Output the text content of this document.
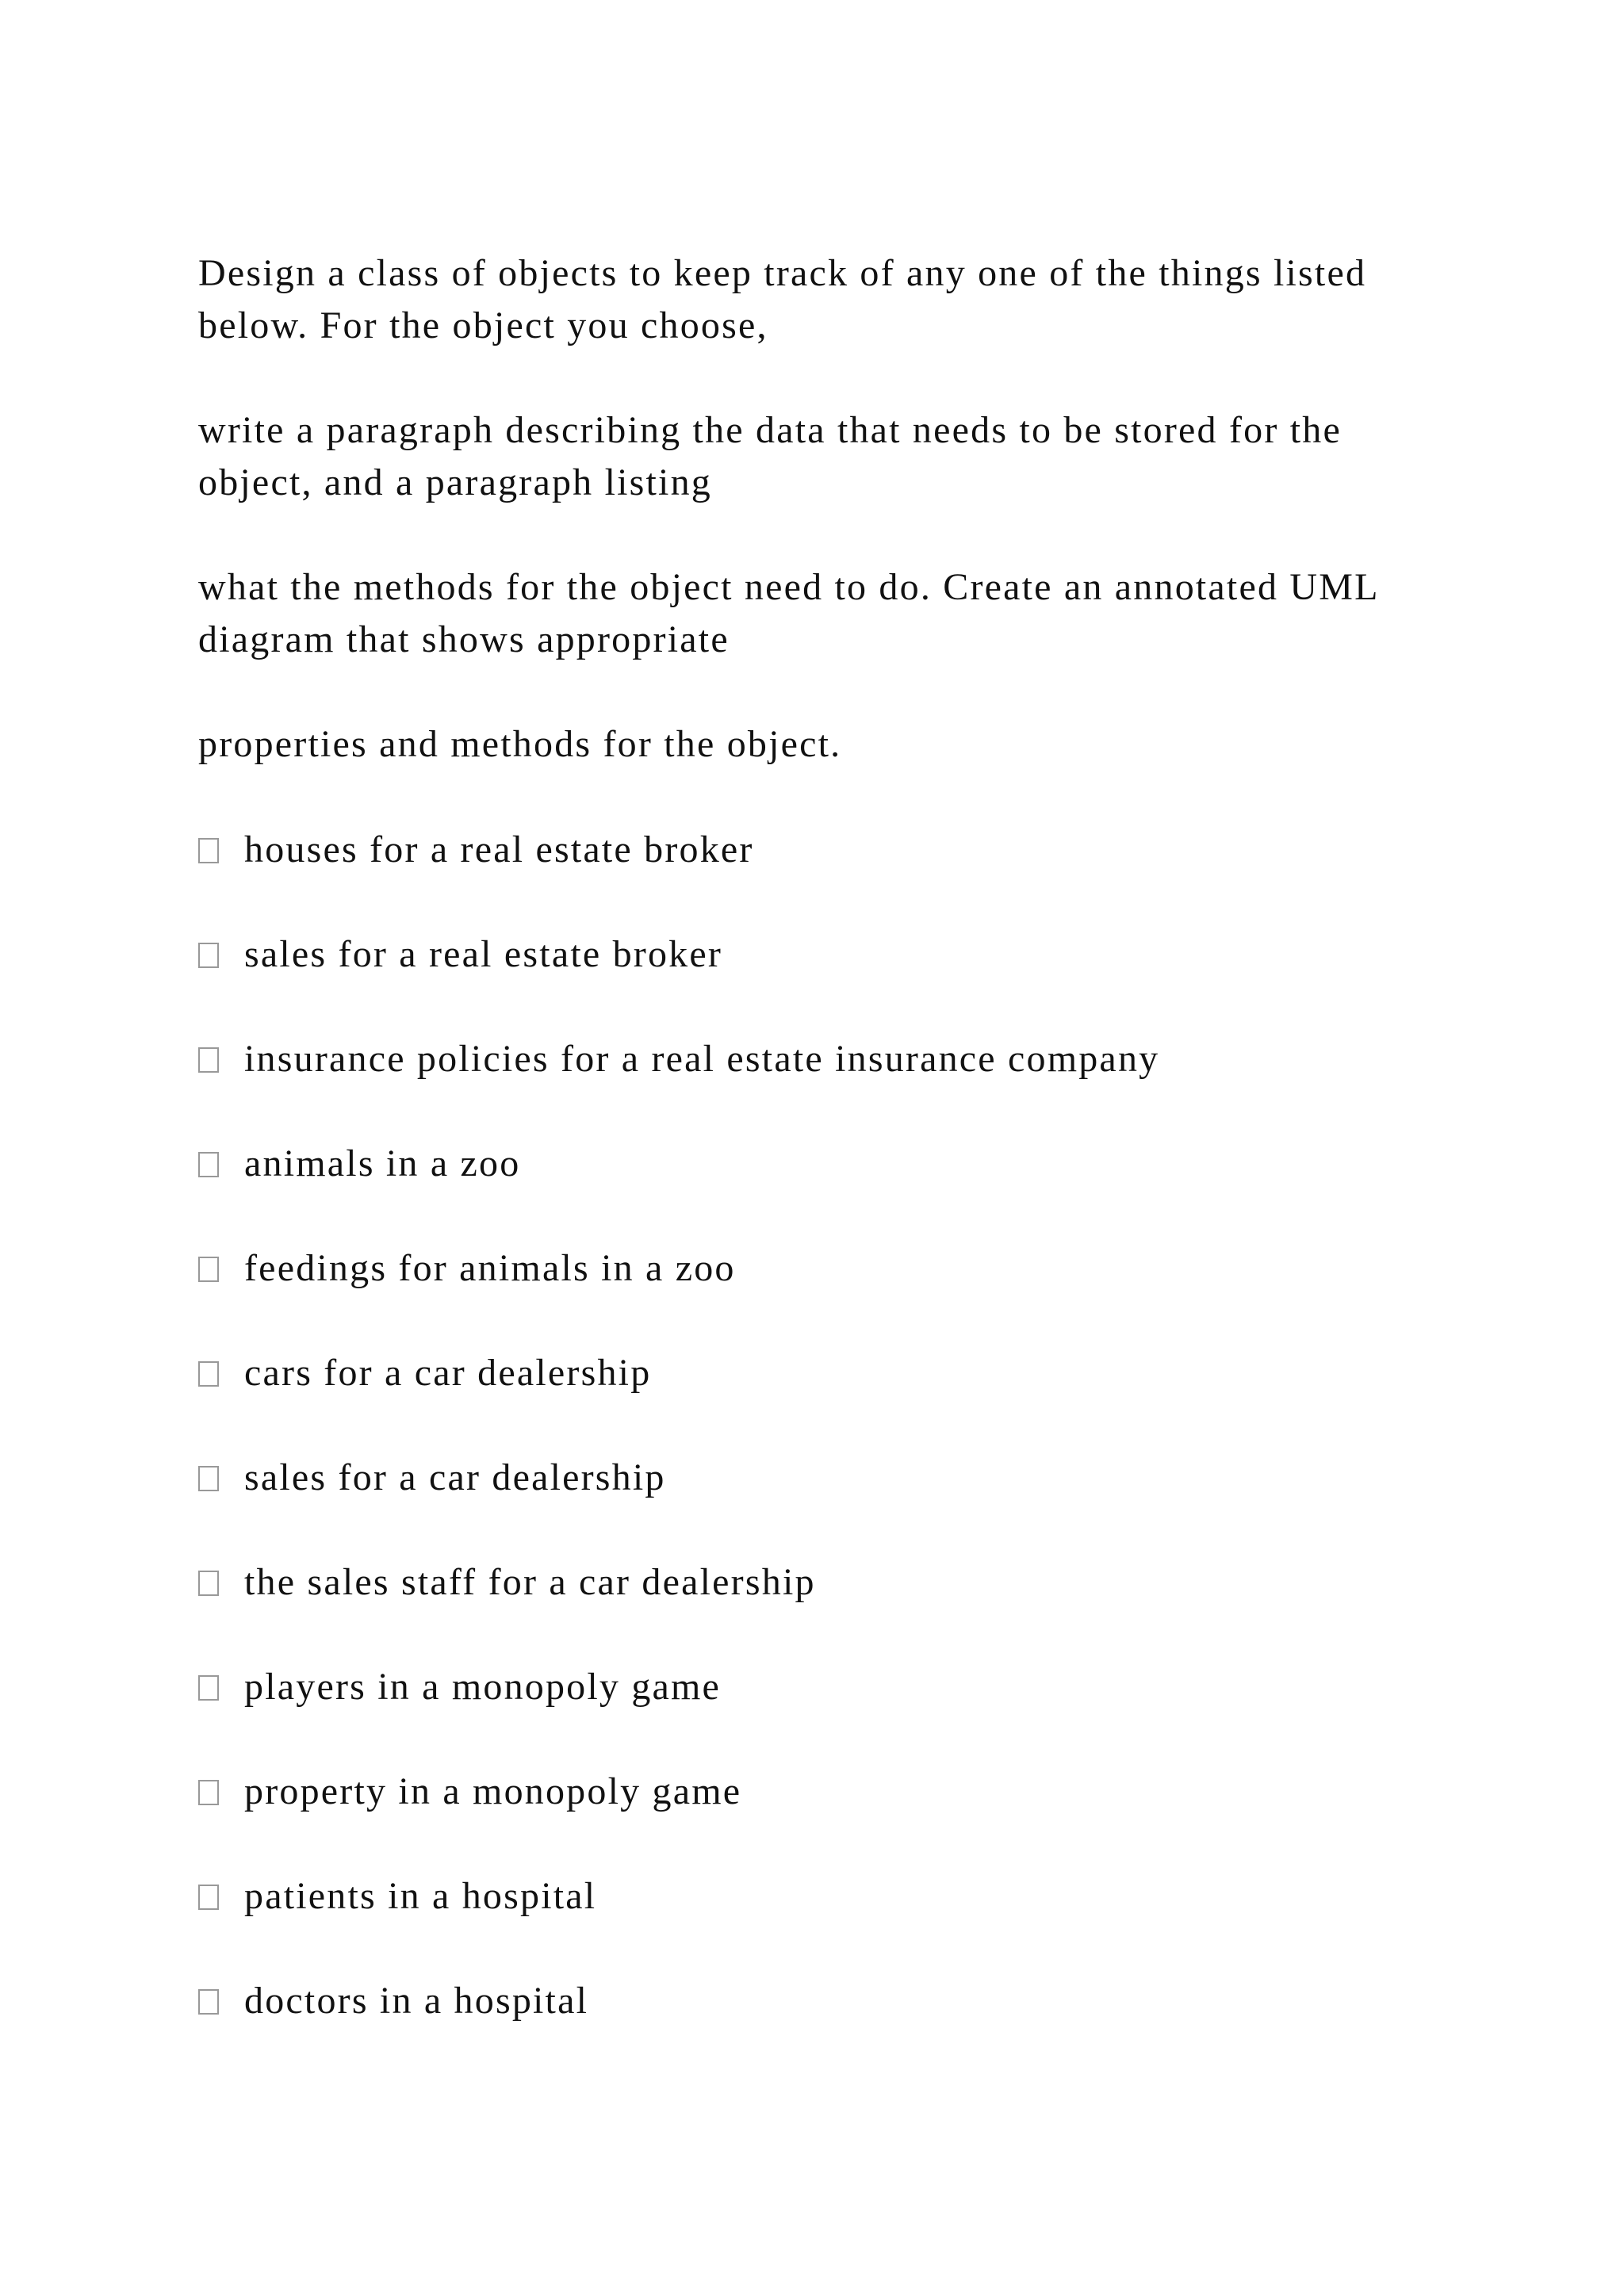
Design a class of objects to keep track of any one of the things listed below. For the object you choose,

write a paragraph describing the data that needs to be stored for the object, and a paragraph listing

what the methods for the object need to do. Create an annotated UML diagram that shows appropriate

properties and methods for the object.

houses for a real estate broker
sales for a real estate broker
insurance policies for a real estate insurance company
animals in a zoo
feedings for animals in a zoo
cars for a car dealership
sales for a car dealership
the sales staff for a car dealership
players in a monopoly game
property in a monopoly game
patients in a hospital
doctors in a hospital
